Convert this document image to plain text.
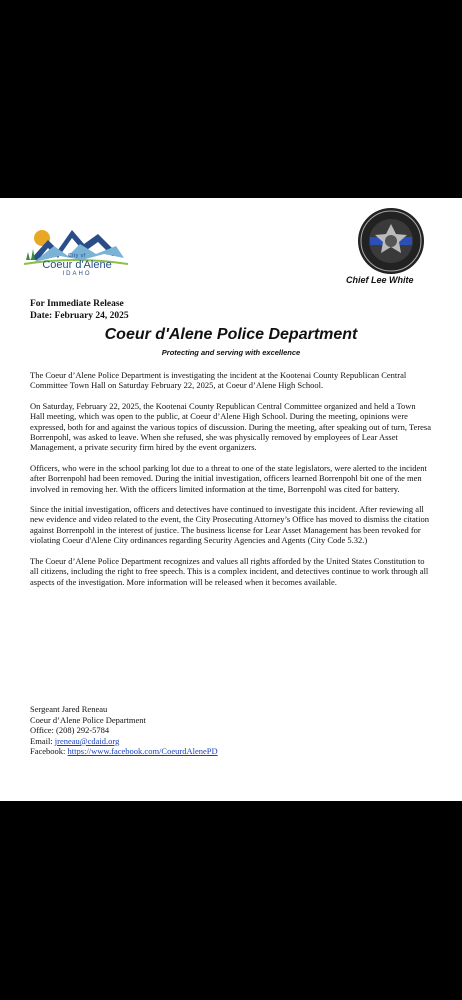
City of
Coeur d'Alene
IDAHO
Chief Lee White
For Immediate Release
Date: February 24, 2025
Coeur d'Alene Police Department
Protecting and serving with excellence

The Coeur d’Alene Police Department is investigating the incident at the Kootenai County Republican Central Committee Town Hall on Saturday February 22, 2025, at Coeur d’Alene High School.

On Saturday, February 22, 2025, the Kootenai County Republican Central Committee organized and held a Town Hall meeting, which was open to the public, at Coeur d’Alene High School. During the meeting, opinions were expressed, both for and against the various topics of discussion. During the meeting, after speaking out of turn, Teresa Borrenpohl, was asked to leave. When she refused, she was physically removed by employees of Lear Asset Management, a private security firm hired by the event organizers.

Officers, who were in the school parking lot due to a threat to one of the state legislators, were alerted to the incident after Borrenpohl had been removed. During the initial investigation, officers learned Borrenpohl bit one of the men involved in removing her. With the officers limited information at the time, Borrenpohl was cited for battery.

Since the initial investigation, officers and detectives have continued to investigate this incident. After reviewing all new evidence and video related to the event, the City Prosecuting Attorney’s Office has moved to dismiss the citation against Borrenpohl in the interest of justice. The business license for Lear Asset Management has been revoked for violating Coeur d'Alene City ordinances regarding Security Agencies and Agents (City Code 5.32.)

The Coeur d’Alene Police Department recognizes and values all rights afforded by the United States Constitution to all citizens, including the right to free speech. This is a complex incident, and detectives continue to work through all aspects of the investigation. More information will be released when it becomes available.

Sergeant Jared Reneau
Coeur d’Alene Police Department
Office: (208) 292-5784
Email: jreneau@cdaid.org
Facebook: https://www.facebook.com/CoeurdAlenePD
